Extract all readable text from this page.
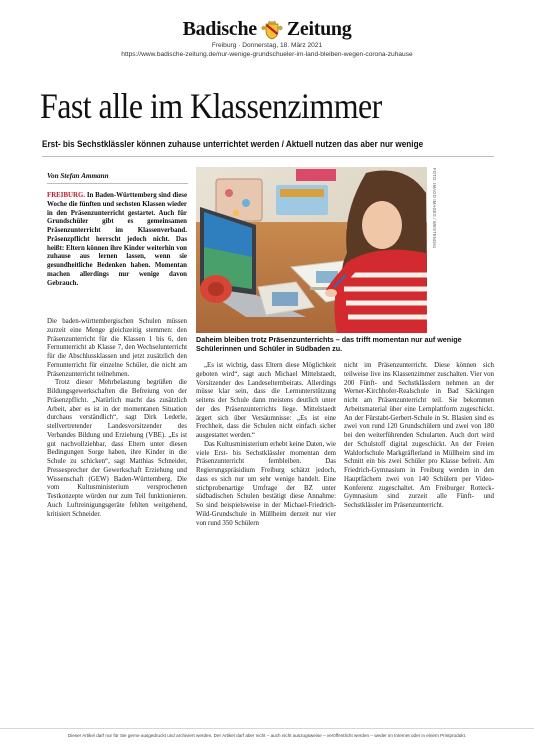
Badische Zeitung
Freiburg · Donnerstag, 18. März 2021
https://www.badische-zeitung.de/nur-wenige-grundschueler-im-land-bleiben-wegen-corona-zuhause
Fast alle im Klassenzimmer
Erst- bis Sechstklässler können zuhause unterrichtet werden / Aktuell nutzen das aber nur wenige
Von Stefan Ammann
FREIBURG. In Baden-Württemberg sind diese Woche die fünften und sechsten Klassen wieder in den Präsenzunterricht gestartet. Auch für Grundschüler gibt es gemeinsamen Präsenzunterricht im Klassenverband. Präsenzpflicht herrscht jedoch nicht. Das heißt: Eltern können ihre Kinder weiterhin von zuhause aus lernen lassen, wenn sie gesundheitliche Bedenken haben. Momentan machen allerdings nur wenige davon Gebrauch.
FOTO: IMAGO IMAGES / WESTEND61
Daheim bleiben trotz Präsenzunterrichts – das trifft momentan nur auf wenige Schülerinnen und Schüler in Südbaden zu.

Die baden-württembergischen Schulen müssen zurzeit eine Menge gleichzeitig stemmen: den Präsenzunterricht für die Klassen 1 bis 6, den Fernunterricht ab Klasse 7, den Wechselunterricht für die Abschlussklassen und jetzt zusätzlich den Fernunterricht für einzelne Schüler, die nicht am Präsenzunterricht teilnehmen.

Trotz dieser Mehrbelastung begrüßen die Bildungsgewerkschaften die Befreiung von der Präsenzpflicht. „Natürlich macht das zusätzlich Arbeit, aber es ist in der momentanen Situation durchaus verständlich“, sagt Dirk Lederle, stellvertretender Landesvorsitzender des Verbandes Bildung und Erziehung (VBE). „Es ist gut nachvollziehbar, dass Eltern unter diesen Bedingungen Sorge haben, ihre Kinder in die Schule zu schicken“, sagt Matthias Schneider, Pressesprecher der Gewerkschaft Erziehung und Wissenschaft (GEW) Baden-Württemberg. Die vom Kultusministerium versprochenen Testkonzepte würden nur zum Teil funktionieren. Auch Luftreinigungsgeräte fehlten weitgehend, kritisiert Schneider.

„Es ist wichtig, dass Eltern diese Möglichkeit geboten wird“, sagt auch Michael Mittelstaedt, Vorsitzender des Landeselternbeirats. Allerdings müsse klar sein, dass die Lernunterstützung seitens der Schule dann meistens deutlich unter der des Präsenzunterrichts liege. Mittelstaedt ärgert sich über Versäumnisse: „Es ist eine Frechheit, dass die Schulen nicht einfach sicher ausgestattet werden.“

Das Kultusministerium erhebt keine Daten, wie viele Erst- bis Sechstklässler momentan dem Präsenzunterricht fernbleiben. Das Regierungspräsidium Freiburg schätzt jedoch, dass es sich nur um sehr wenige handelt. Eine stichprobenartige Umfrage der BZ unter südbadischen Schulen bestätigt diese Annahme: So sind beispielsweise in der Michael-Friedrich-Wild-Grundschule in Müllheim derzeit nur vier von rund 350 Schülern

nicht im Präsenzunterricht. Diese können sich teilweise live ins Klassenzimmer zuschalten. Vier von 200 Fünft- und Sechstklässlern nehmen an der Werner-Kirchhofer-Realschule in Bad Säckingen nicht am Präsenzunterricht teil. Sie bekommen Arbeitsmaterial über eine Lernplattform zugeschickt. An der Fürstabt-Gerbert-Schule in St. Blasien sind es zwei von rund 120 Grundschülern und zwei von 180 bei den weiterführenden Schularten. Auch dort wird der Schulstoff digital zugeschickt. An der Freien Waldorfschule Markgräflerland in Müllheim sind im Schnitt ein bis zwei Schüler pro Klasse befreit. Am Friedrich-Gymnasium in Freiburg werden in den Hauptfächern zwei von 140 Schülern per Video-Konferenz zugeschaltet. Am Freiburger Rotteck-Gymnasium sind zurzeit alle Fünft- und Sechstklässler im Präsenzunterricht.

Dieser Artikel darf nur für Sie gerne ausgedruckt und archiviert werden. Der Artikel darf aber nicht – auch nicht auszugsweise – veröffentlicht werden – weder im Internet oder in einem Printprodukt.
